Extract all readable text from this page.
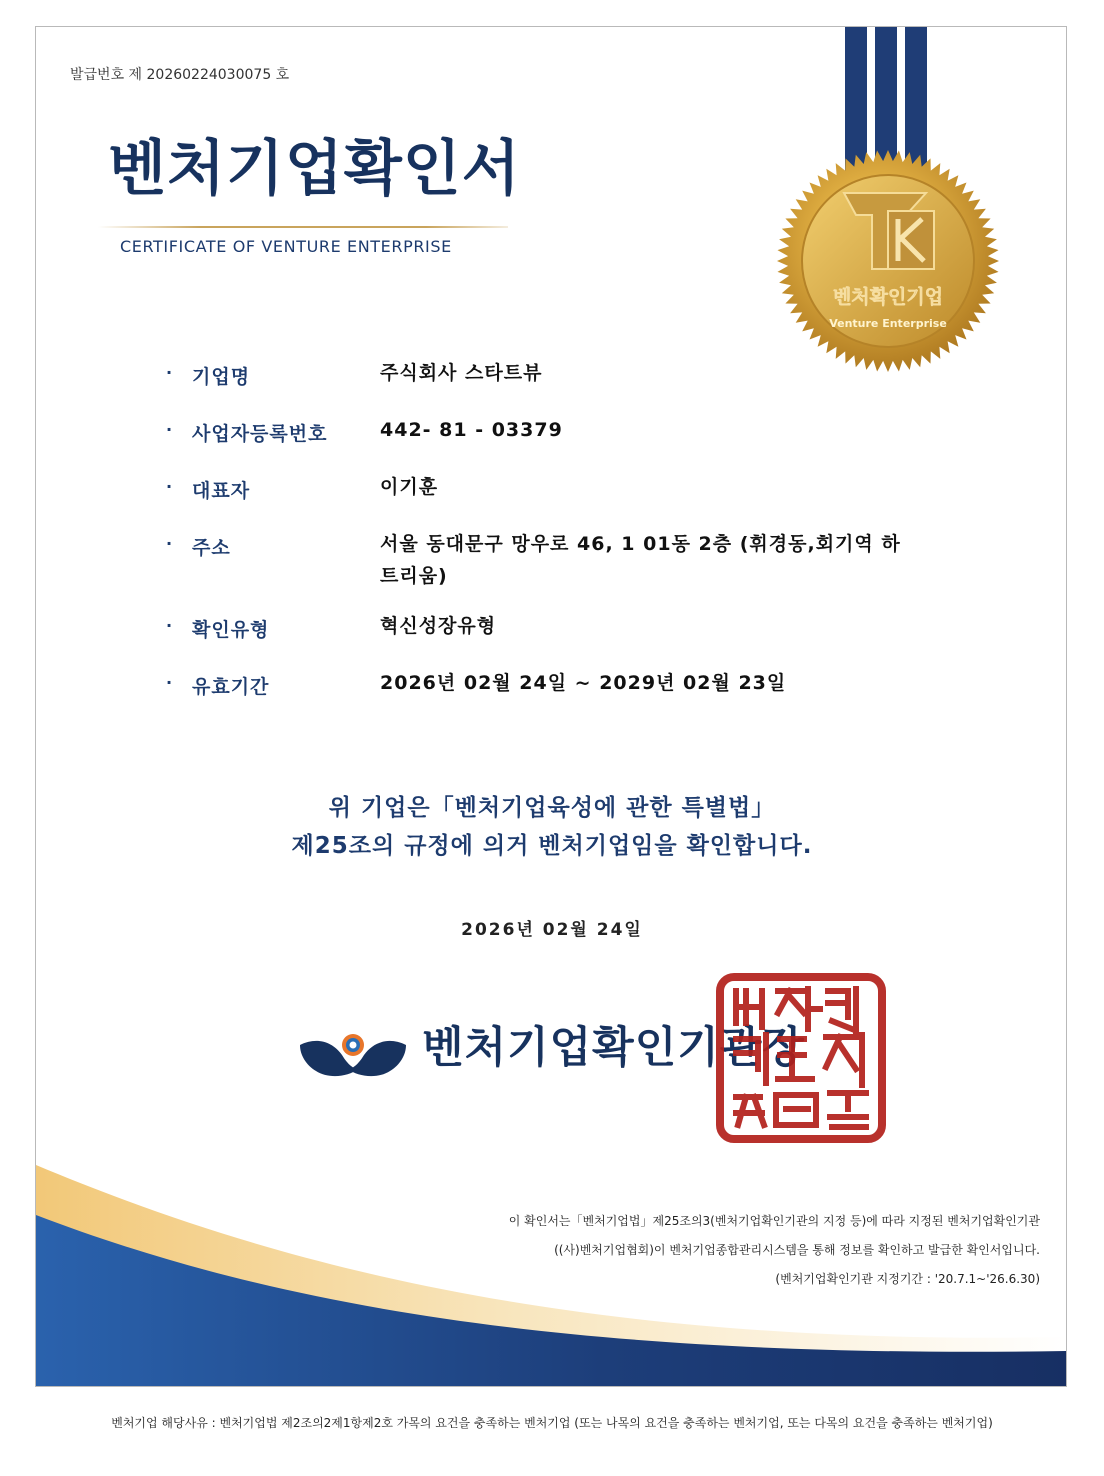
발급번호 제 20260224030075 호
벤처기업확인서
CERTIFICATE OF VENTURE ENTERPRISE
벤처확인기업
Venture Enterprise
·	기업명	주식회사 스타트뷰
·	사업자등록번호	442- 81 - 03379
·	대표자	이기훈
·	주소	서울 동대문구 망우로 46, 1 01동 2층 (휘경동,회기역 하
트리움)
·	확인유형	혁신성장유형
·	유효기간	2026년 02월 24일 ~ 2029년 02월 23일
위 기업은「벤처기업육성에 관한 특별법」
제25조의 규정에 의거 벤처기업임을 확인합니다.
2026년 02월 24일
벤처기업확인기관장
이 확인서는「벤처기업법」제25조의3(벤처기업확인기관의 지정 등)에 따라 지정된 벤처기업확인기관
((사)벤처기업협회)이 벤처기업종합관리시스템을 통해 정보를 확인하고 발급한 확인서입니다.
(벤처기업확인기관 지정기간 : '20.7.1~'26.6.30)
벤처기업 해당사유 : 벤처기업법 제2조의2제1항제2호 가목의 요건을 충족하는 벤처기업 (또는 나목의 요건을 충족하는 벤처기업, 또는 다목의 요건을 충족하는 벤처기업)
